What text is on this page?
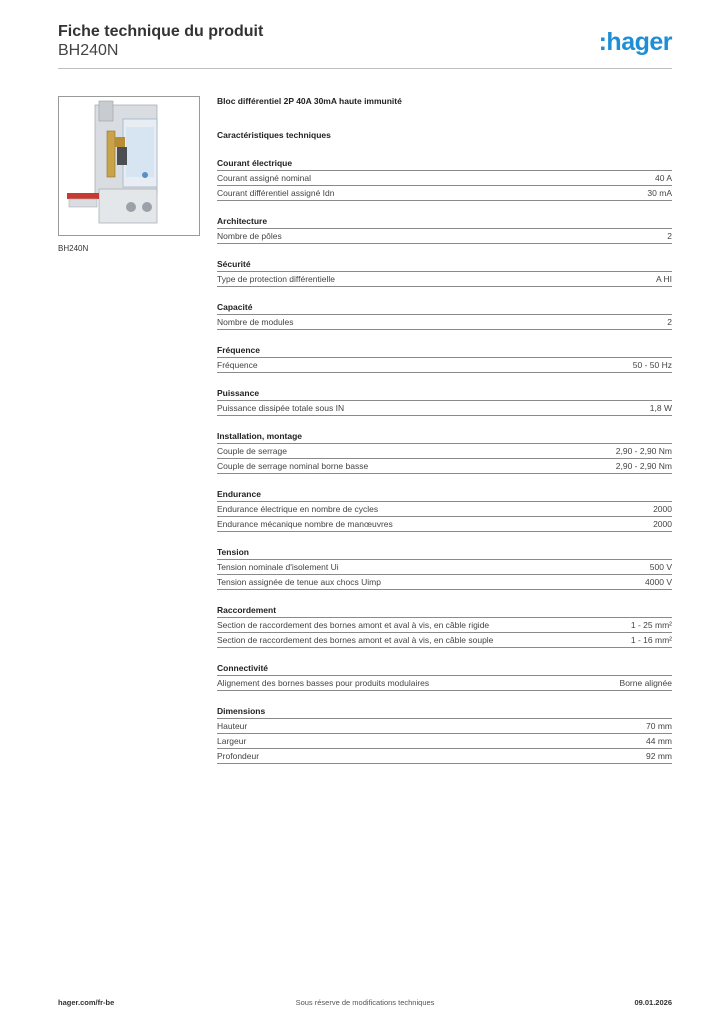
Fiche technique du produit
BH240N	:hager
BH240N
Bloc différentiel 2P 40A 30mA haute immunité
Caractéristiques techniques
Courant électrique
Courant assigné nominal	40 A
Courant différentiel assigné Idn	30 mA
Architecture
Nombre de pôles	2
Sécurité
Type de protection différentielle	A HI
Capacité
Nombre de modules	2
Fréquence
Fréquence	50 - 50 Hz
Puissance
Puissance dissipée totale sous IN	1,8 W
Installation, montage
Couple de serrage	2,90 - 2,90 Nm
Couple de serrage nominal borne basse	2,90 - 2,90 Nm
Endurance
Endurance électrique en nombre de cycles	2000
Endurance mécanique nombre de manœuvres	2000
Tension
Tension nominale d'isolement Ui	500 V
Tension assignée de tenue aux chocs Uimp	4000 V
Raccordement
Section de raccordement des bornes amont et aval à vis, en câble rigide	1 - 25 mm²
Section de raccordement des bornes amont et aval à vis, en câble souple	1 - 16 mm²
Connectivité
Alignement des bornes basses pour produits modulaires	Borne alignée
Dimensions
Hauteur	70 mm
Largeur	44 mm
Profondeur	92 mm
hager.com/fr-be	Sous réserve de modifications techniques	09.01.2026
